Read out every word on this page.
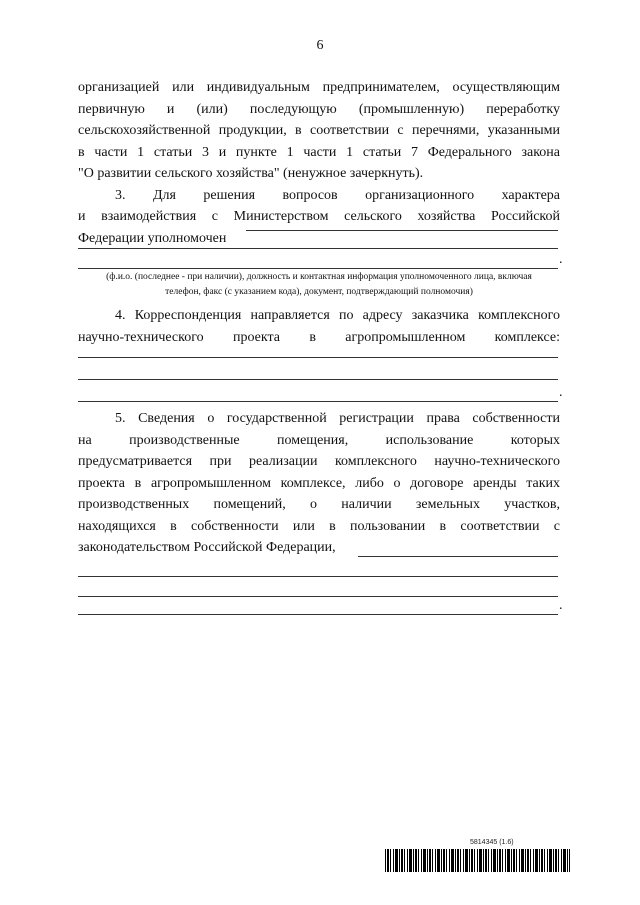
6
организацией или индивидуальным предпринимателем, осуществляющим
первичную и (или) последующую (промышленную) переработку
сельскохозяйственной продукции, в соответствии с перечнями, указанными
в части 1 статьи 3 и пункте 1 части 1 статьи 7 Федерального закона
"О развитии сельского хозяйства" (ненужное зачеркнуть).
3. Для решения вопросов организационного характера
и взаимодействия с Министерством сельского хозяйства Российской
Федерации уполномочен
.
(ф.и.о. (последнее - при наличии), должность и контактная информация уполномоченного лица, включая
телефон, факс (с указанием кода), документ, подтверждающий полномочия)
4. Корреспонденция направляется по адресу заказчика комплексного
научно-технического проекта в агропромышленном комплексе:
.
5. Сведения о государственной регистрации права собственности
на производственные помещения, использование которых
предусматривается при реализации комплексного научно-технического
проекта в агропромышленном комплексе, либо о договоре аренды таких
производственных помещений, о наличии земельных участков,
находящихся в собственности или в пользовании в соответствии с
законодательством Российской Федерации,
.
5814345 (1.6)
